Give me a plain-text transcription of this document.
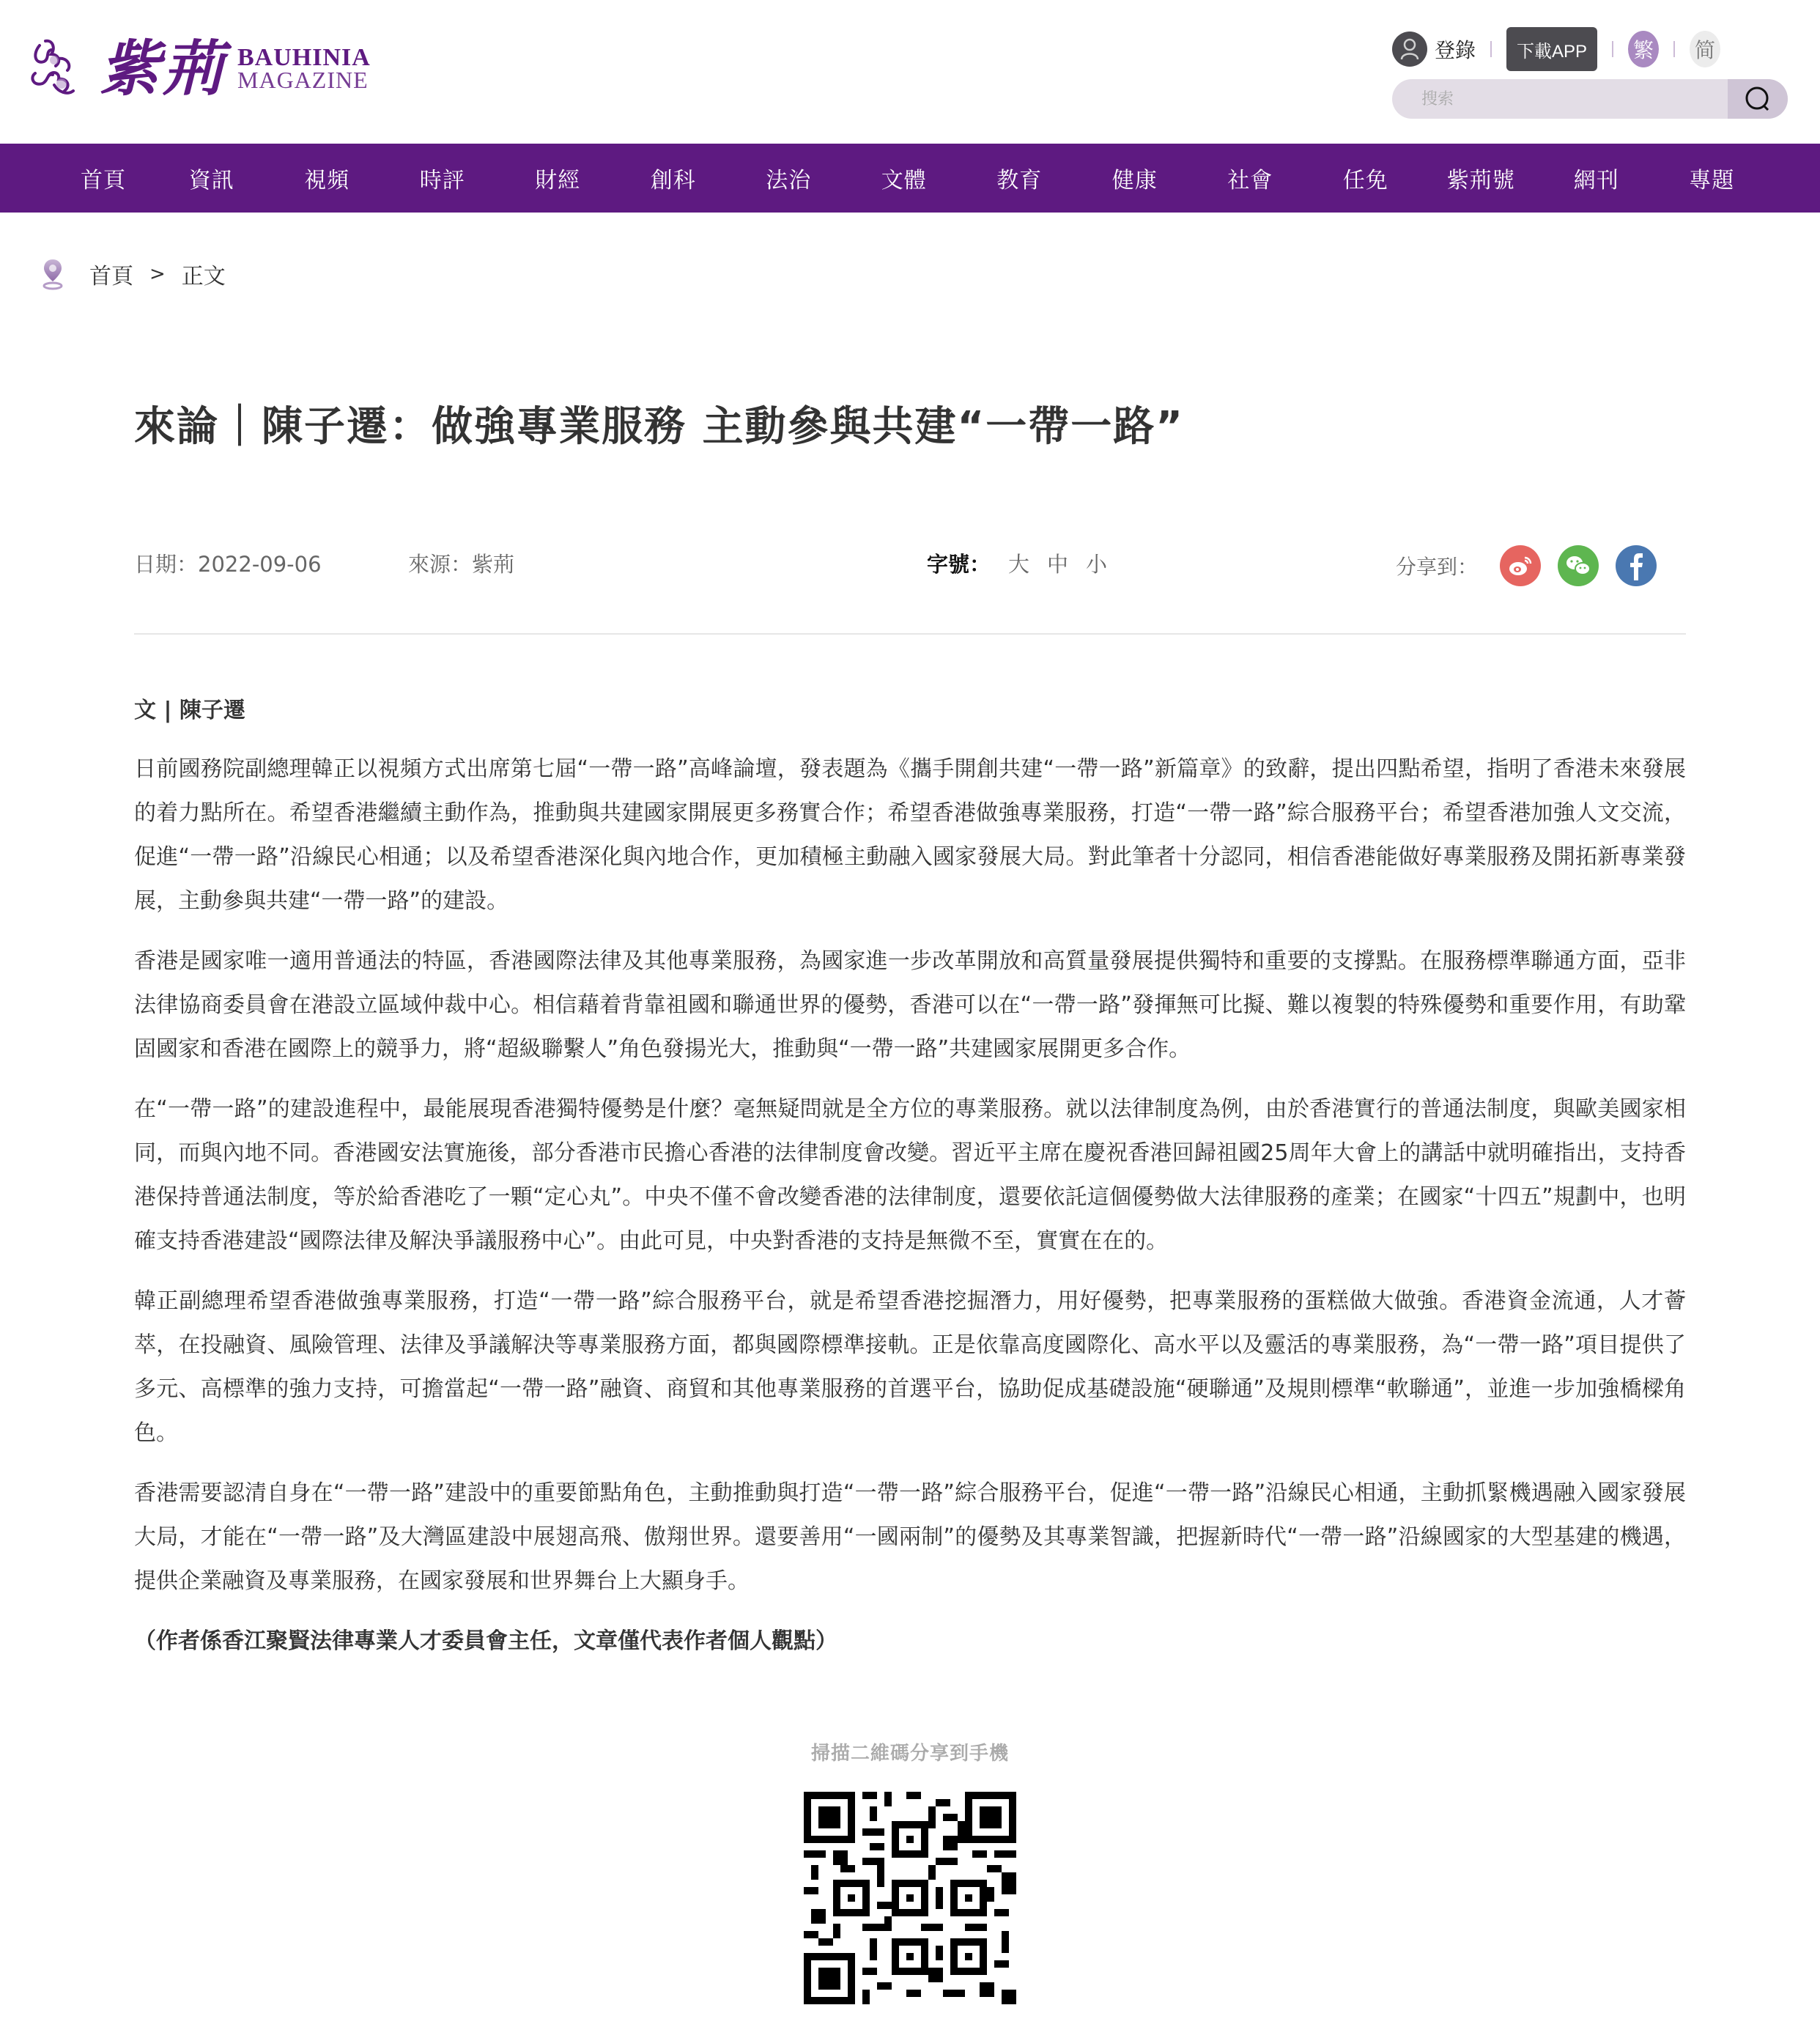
紫荊 BAUHINIA
MAGAZINE
登錄	下載APP	繁 简
搜索
首頁	資訊	視頻	時評	財經	創科	法治	文體	教育	健康	社會	任免	紫荊號	網刊	專題
首頁 > 正文
來論｜陳子遷：做強專業服務 主動參與共建“一帶一路”
日期：2022-09-06	來源：紫荊	字號： 大 中 小	分享到：

文 | 陳子遷

日前國務院副總理韓正以視頻方式出席第七屆“一帶一路”高峰論壇，發表題為《攜手開創共建“一帶一路”新篇章》的致辭，提出四點希望，指明了香港未來發展的着力點所在。希望香港繼續主動作為，推動與共建國家開展更多務實合作；希望香港做強專業服務，打造“一帶一路”綜合服務平台；希望香港加強人文交流，促進“一帶一路”沿線民心相通；以及希望香港深化與內地合作，更加積極主動融入國家發展大局。對此筆者十分認同，相信香港能做好專業服務及開拓新專業發展，主動參與共建“一帶一路”的建設。

香港是國家唯一適用普通法的特區，香港國際法律及其他專業服務，為國家進一步改革開放和高質量發展提供獨特和重要的支撐點。在服務標準聯通方面，亞非法律協商委員會在港設立區域仲裁中心。相信藉着背靠祖國和聯通世界的優勢，香港可以在“一帶一路”發揮無可比擬、難以複製的特殊優勢和重要作用，有助鞏固國家和香港在國際上的競爭力，將“超級聯繫人”角色發揚光大，推動與“一帶一路”共建國家展開更多合作。

在“一帶一路”的建設進程中，最能展現香港獨特優勢是什麼？毫無疑問就是全方位的專業服務。就以法律制度為例，由於香港實行的普通法制度，與歐美國家相同，而與內地不同。香港國安法實施後，部分香港市民擔心香港的法律制度會改變。習近平主席在慶祝香港回歸祖國25周年大會上的講話中就明確指出，支持香港保持普通法制度，等於給香港吃了一顆“定心丸”。中央不僅不會改變香港的法律制度，還要依託這個優勢做大法律服務的產業；在國家“十四五”規劃中，也明確支持香港建設“國際法律及解決爭議服務中心”。由此可見，中央對香港的支持是無微不至，實實在在的。

韓正副總理希望香港做強專業服務，打造“一帶一路”綜合服務平台，就是希望香港挖掘潛力，用好優勢，把專業服務的蛋糕做大做強。香港資金流通，人才薈萃，在投融資、風險管理、法律及爭議解決等專業服務方面，都與國際標準接軌。正是依靠高度國際化、高水平以及靈活的專業服務，為“一帶一路”項目提供了多元、高標準的強力支持，可擔當起“一帶一路”融資、商貿和其他專業服務的首選平台，協助促成基礎設施“硬聯通”及規則標準“軟聯通”，並進一步加強橋樑角色。

香港需要認清自身在“一帶一路”建設中的重要節點角色，主動推動與打造“一帶一路”綜合服務平台，促進“一帶一路”沿線民心相通，主動抓緊機遇融入國家發展大局，才能在“一帶一路”及大灣區建設中展翅高飛、傲翔世界。還要善用“一國兩制”的優勢及其專業智識，把握新時代“一帶一路”沿線國家的大型基建的機遇，提供企業融資及專業服務，在國家發展和世界舞台上大顯身手。

（作者係香江聚賢法律專業人才委員會主任，文章僅代表作者個人觀點）

掃描二維碼分享到手機
